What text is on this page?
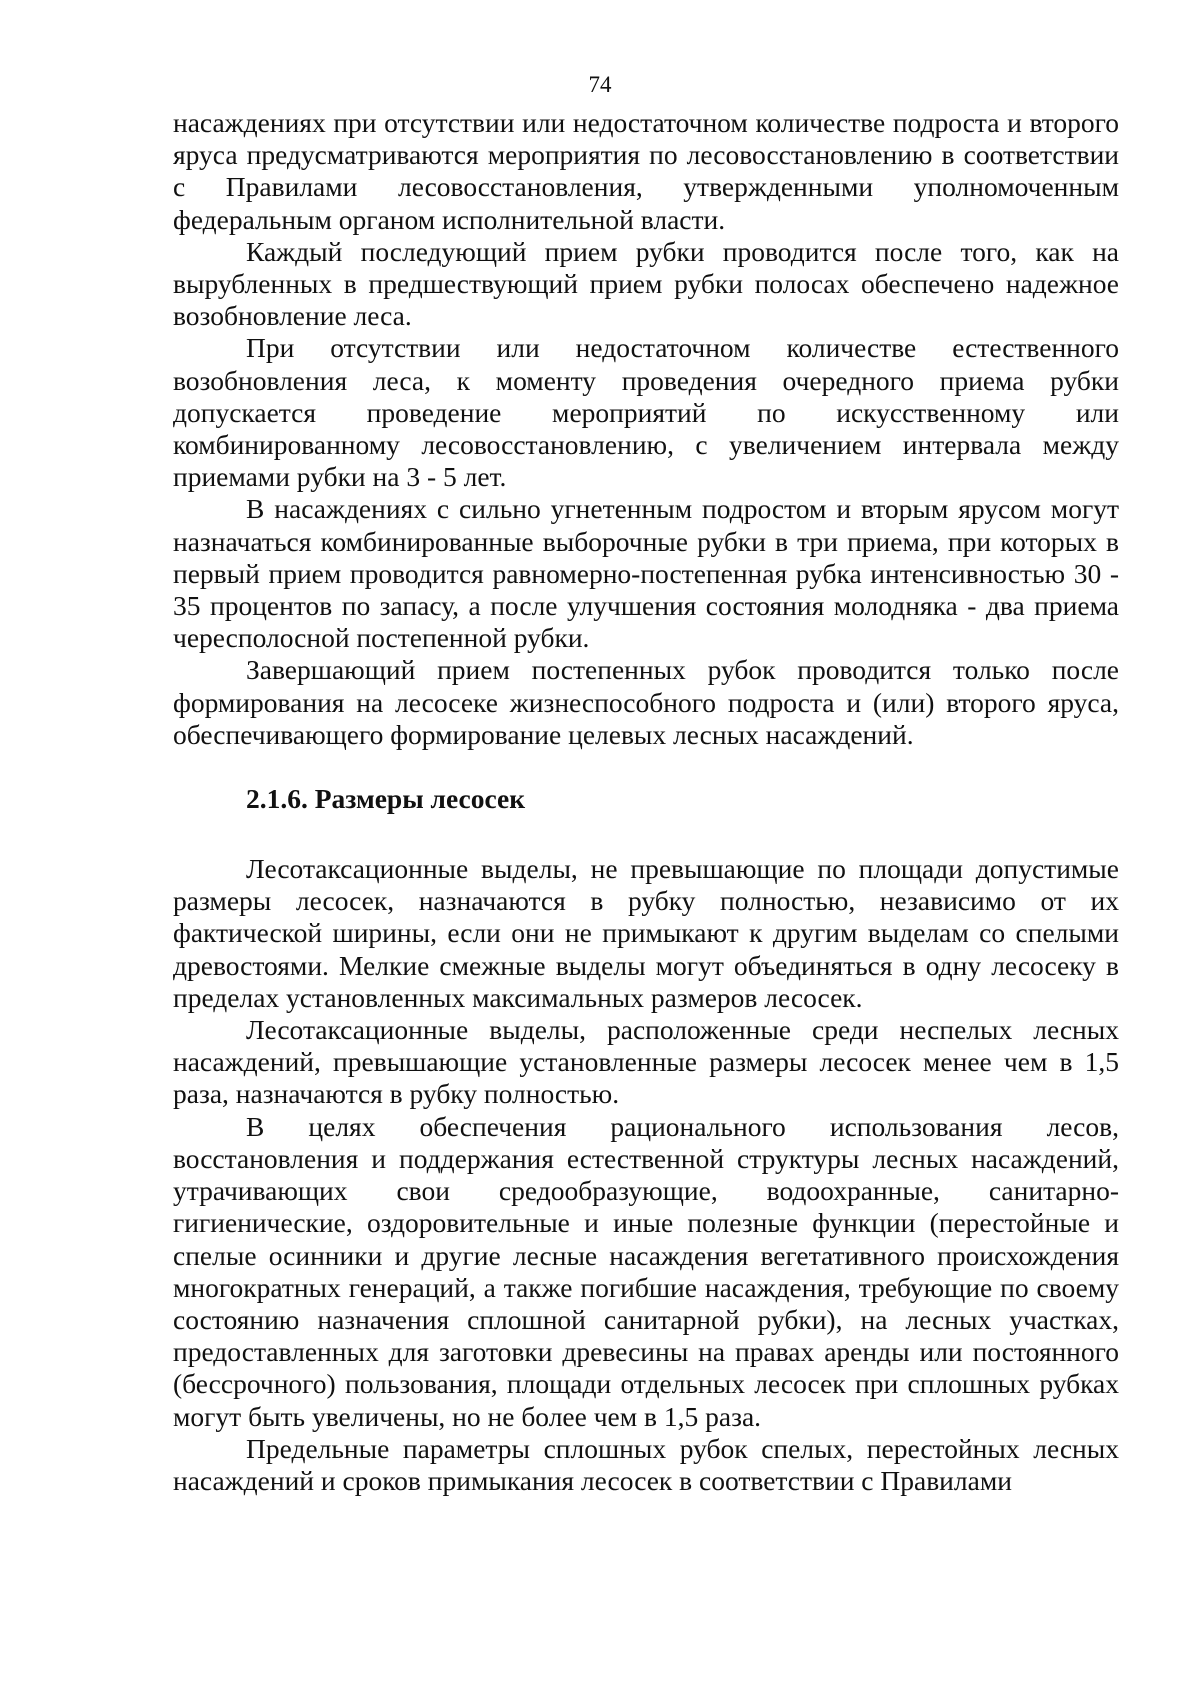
74

насаждениях при отсутствии или недостаточном количестве подроста и второго яруса предусматриваются мероприятия по лесовосстановлению в соответствии с Правилами лесовосстановления, утвержденными уполномоченным федеральным органом исполнительной власти.

Каждый последующий прием рубки проводится после того, как на вырубленных в предшествующий прием рубки полосах обеспечено надежное возобновление леса.

При отсутствии или недостаточном количестве естественного возобновления леса, к моменту проведения очередного приема рубки допускается проведение мероприятий по искусственному или комбинированному лесовосстановлению, с увеличением интервала между приемами рубки на 3 - 5 лет.

В насаждениях с сильно угнетенным подростом и вторым ярусом могут назначаться комбинированные выборочные рубки в три приема, при которых в первый прием проводится равномерно-постепенная рубка интенсивностью 30 - 35 процентов по запасу, а после улучшения состояния молодняка - два приема чересполосной постепенной рубки.

Завершающий прием постепенных рубок проводится только после формирования на лесосеке жизнеспособного подроста и (или) второго яруса, обеспечивающего формирование целевых лесных насаждений.

2.1.6. Размеры лесосек

Лесотаксационные выделы, не превышающие по площади допустимые размеры лесосек, назначаются в рубку полностью, независимо от их фактической ширины, если они не примыкают к другим выделам со спелыми древостоями. Мелкие смежные выделы могут объединяться в одну лесосеку в пределах установленных максимальных размеров лесосек.

Лесотаксационные выделы, расположенные среди неспелых лесных насаждений, превышающие установленные размеры лесосек менее чем в 1,5 раза, назначаются в рубку полностью.

В целях обеспечения рационального использования лесов, восстановления и поддержания естественной структуры лесных насаждений, утрачивающих свои средообразующие, водоохранные, санитарно-гигиенические, оздоровительные и иные полезные функции (перестойные и спелые осинники и другие лесные насаждения вегетативного происхождения многократных генераций, а также погибшие насаждения, требующие по своему состоянию назначения сплошной санитарной рубки), на лесных участках, предоставленных для заготовки древесины на правах аренды или постоянного (бессрочного) пользования, площади отдельных лесосек при сплошных рубках могут быть увеличены, но не более чем в 1,5 раза.

Предельные параметры сплошных рубок спелых, перестойных лесных насаждений и сроков примыкания лесосек в соответствии с Правилами
